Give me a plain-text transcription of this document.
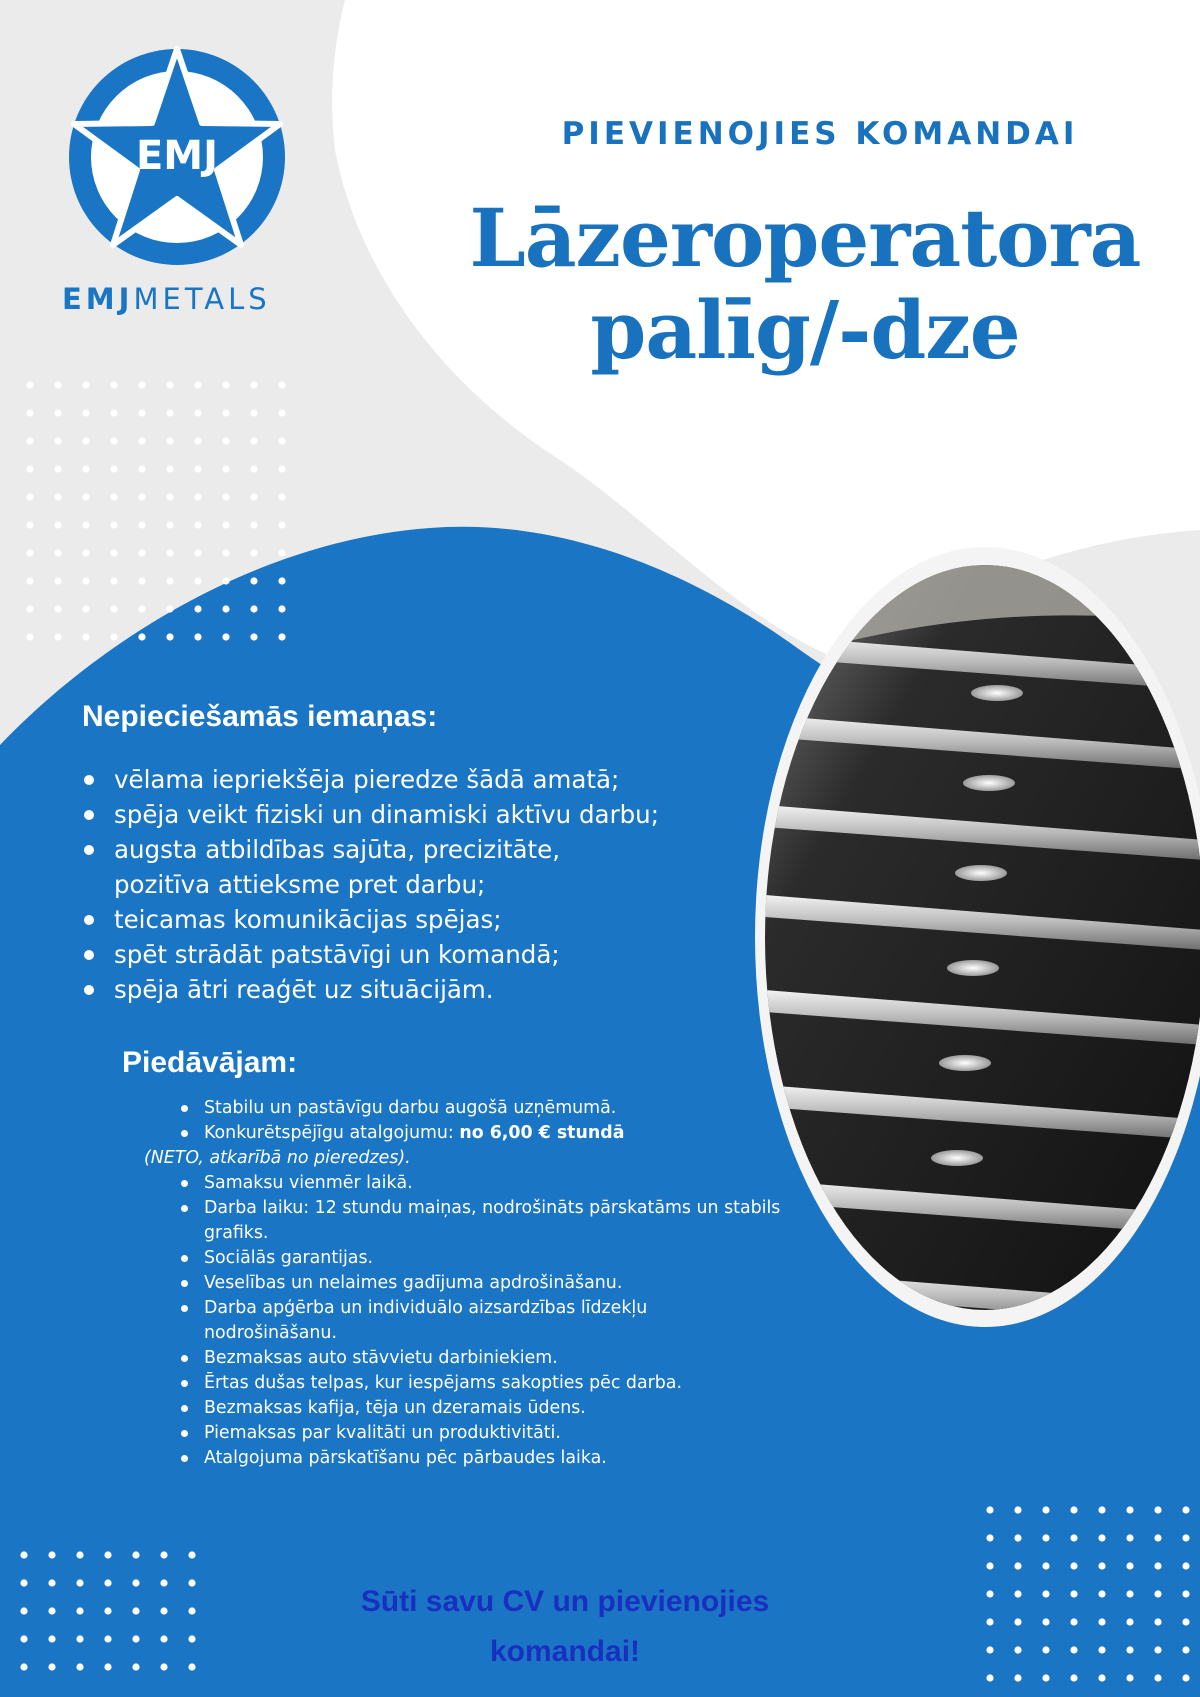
EMJ
EMJMETALS
PIEVIENOJIES KOMANDAI
Lāzeroperatora
palīg/-dze
Nepieciešamās iemaņas:
vēlama iepriekšēja pieredze šādā amatā;
spēja veikt fiziski un dinamiski aktīvu darbu;
augsta atbildības sajūta, precizitāte, pozitīva attieksme pret darbu;
teicamas komunikācijas spējas;
spēt strādāt patstāvīgi un komandā;
spēja ātri reaģēt uz situācijām.
Piedāvājam:
Stabilu un pastāvīgu darbu augošā uzņēmumā.
Konkurētspējīgu atalgojumu: no 6,00 € stundā
(NETO, atkarībā no pieredzes).
Samaksu vienmēr laikā.
Darba laiku: 12 stundu maiņas, nodrošināts pārskatāms un stabils grafiks.
Sociālās garantijas.
Veselības un nelaimes gadījuma apdrošināšanu.
Darba apģērba un individuālo aizsardzības līdzekļu nodrošināšanu.
Bezmaksas auto stāvvietu darbiniekiem.
Ērtas dušas telpas, kur iespējams sakopties pēc darba.
Bezmaksas kafija, tēja un dzeramais ūdens.
Piemaksas par kvalitāti un produktivitāti.
Atalgojuma pārskatīšanu pēc pārbaudes laika.
Sūti savu CV un pievienojies
komandai!
